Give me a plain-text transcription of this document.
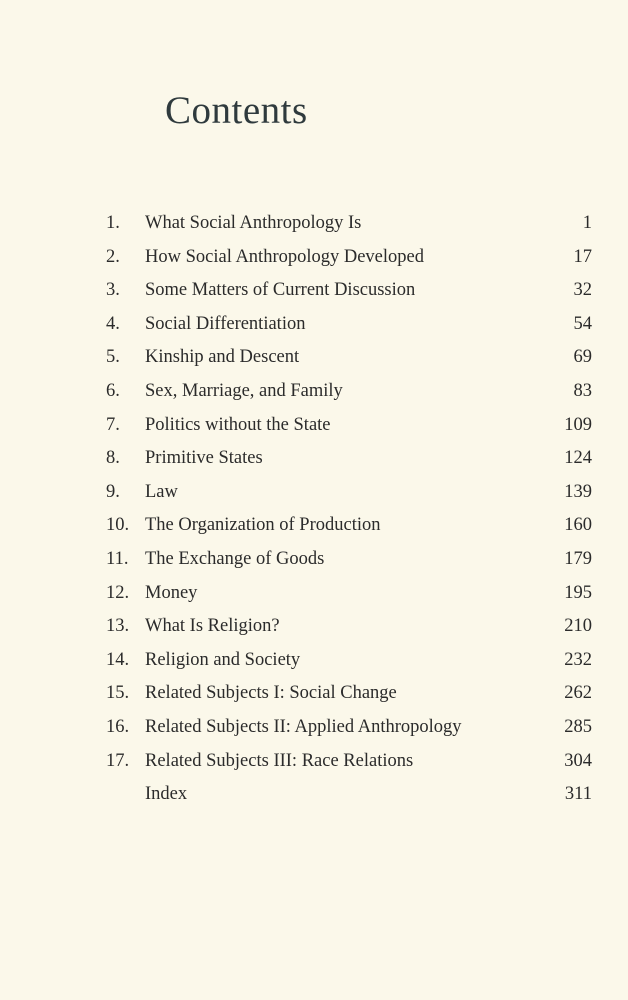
Contents
1.	What Social Anthropology Is	1
2.	How Social Anthropology Developed	17
3.	Some Matters of Current Discussion	32
4.	Social Differentiation	54
5.	Kinship and Descent	69
6.	Sex, Marriage, and Family	83
7.	Politics without the State	109
8.	Primitive States	124
9.	Law	139
10. The Organization of Production	160
11. The Exchange of Goods	179
12. Money	195
13. What Is Religion?	210
14. Religion and Society	232
15. Related Subjects I: Social Change	262
16. Related Subjects II: Applied Anthropology	285
17. Related Subjects III: Race Relations	304
Index	311
